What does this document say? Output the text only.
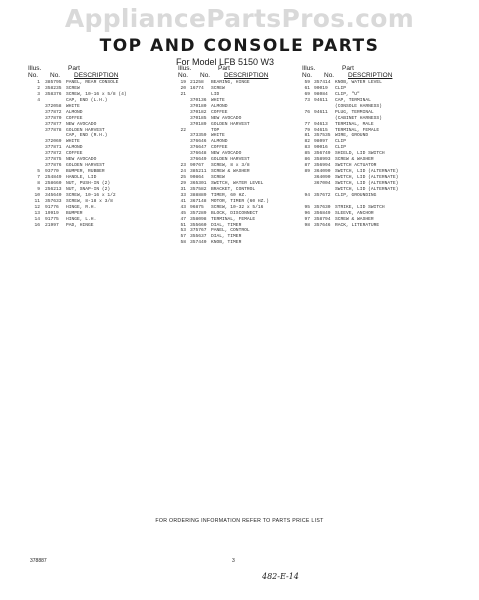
AppliancePartsPros.com
TOP AND CONSOLE PARTS
For Model LFB 5150 W3
Illus.	Part
No.	No.	DESCRIPTION
1	385795 PANEL, REAR CONSOLE
2	358235 SCREW
3	358376 SCREW, 10-16 x 5/8 (4)
4	CAP, END (L.H.)
372058 WHITE
377872 ALMOND
377870 COFFEE
377877 NEW AVOCADO
377878 GOLDEN HARVEST
CAP, END (R.H.)
372069 WHITE
377871 ALMOND
377872 COFFEE
377875 NEW AVOCADO
377876 GOLDEN HARVEST
5	93770	BUMPER, RUBBER
7	254849 HANDLE, LID
8	258660 NUT, PUSH-IN (2)
9	256213 NUT, SNAP-IN (2)
10	345640 SCREW, 10-16 x 1/2
11	357633 SCREW, 8-18 x 3/8
12	91776	HINGE, R.H.
13	19919	BUMPER
14	91775	HINGE, L.H.
16	21997	PAD, HINGE
Illus.	Part
No.	No.	DESCRIPTION
19 21258	BEARING, HINGE
20 16774	SCREW
21	LID
370136 WHITE
370180 ALMOND
370182 COFFEE
370185 NEW AVOCADO
370189 GOLDEN HARVEST
22	TOP
373359 WHITE
376646 ALMOND
376647 COFFEE
376648 NEW AVOCADO
376649 GOLDEN HARVEST
23 90767	SCREW, 8 x 3/8
24 385211 SCREW & WASHER
25 90864	SCREW
29 365301 SWITCH, WATER LEVEL
31 357582 BRACKET, CONTROL
33 388889 TIMER, 60 HZ.
41 367148 MOTOR, TIMER (60 HZ.)
43 96875	SCREW, 10-32 x 5/16
45 357289 BLOCK, DISCONNECT
47 358098 TERMINAL, FEMALE
51 355660 DIAL, TIMER
53 375767 PANEL, CONTROL
57 355637 DIAL, TIMER
58 357440 KNOB, TIMER
Illus.	Part
No.	No.	DESCRIPTION
59 357414 KNOB, WATER LEVEL
61 90019	CLIP
69 98084	CLIP, "U"
73 94611	CAP, TERMINAL
(CONSOLE HARNESS)
76 94611	PLUG, TERMINAL
(CABINET HARNESS)
77 94613	TERMINAL, MALE
79 94615	TERMINAL, FEMALE
81 357535 WIRE, GROUND
82 98097	CLIP
83 90016	CLIP
85 356749 SHIELD, LID SWITCH
86 358993 SCREW & WASHER
87 356994 SWITCH ACTUATOR
89 364090 SWITCH, LID (ALTERNATE)
364090 SWITCH, LID (ALTERNATE)
367004 SWITCH, LID (ALTERNATE)
SWITCH, LID (ALTERNATE)
94 357672 CLIP, GROUNDING
95 357630 STRIKE, LID SWITCH
96 356849 SLEEVE, ANCHOR
97 358794 SCREW & WASHER
98 357646 RACK, LITERATURE
FOR ORDERING INFORMATION REFER TO PARTS PRICE LIST
378887	3
482-E-14
